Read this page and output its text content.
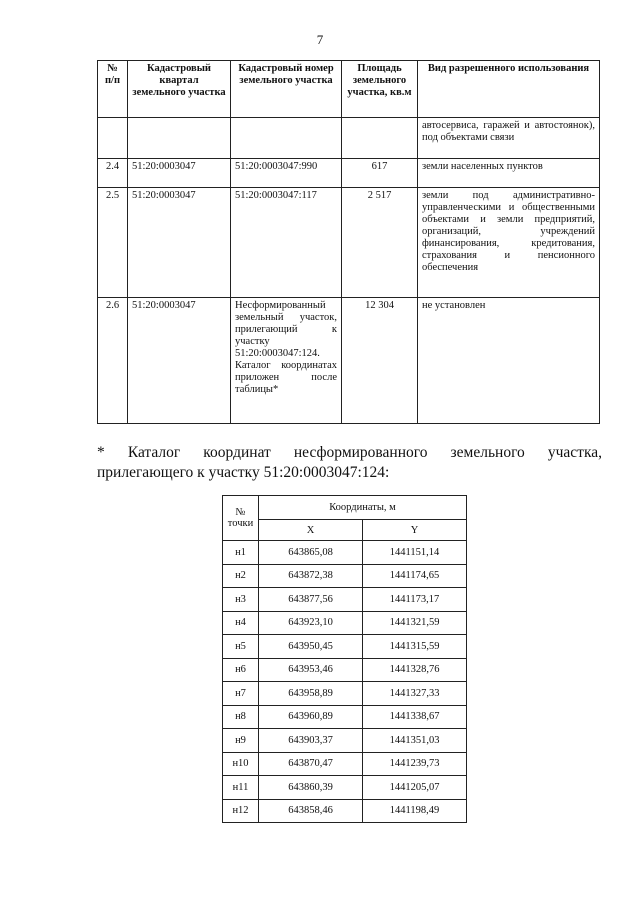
7
№ п/п	Кадастровый квартал земельного участка	Кадастровый номер земельного участка	Площадь земельного участка, кв.м	Вид разрешенного использования
				автосервиса, гаражей и автостоянок), под объектами связи
2.4	51:20:0003047	51:20:0003047:990	617	земли населенных пунктов
2.5	51:20:0003047	51:20:0003047:117	2 517	земли под административно-управленческими и общественными объектами и земли предприятий, организаций, учреждений финансирования, кредитования, страхования и пенсионного обеспечения
2.6	51:20:0003047	Несформированный земельный участок, прилегающий к участку 51:20:0003047:124. Каталог координатах приложен после таблицы*	12 304	не установлен
* Каталог координат несформированного земельного участка, прилегающего к участку 51:20:0003047:124:
№ точки	Координаты, м	
	X	Y
н1	643865,08	1441151,14
н2	643872,38	1441174,65
н3	643877,56	1441173,17
н4	643923,10	1441321,59
н5	643950,45	1441315,59
н6	643953,46	1441328,76
н7	643958,89	1441327,33
н8	643960,89	1441338,67
н9	643903,37	1441351,03
н10	643870,47	1441239,73
н11	643860,39	1441205,07
н12	643858,46	1441198,49
